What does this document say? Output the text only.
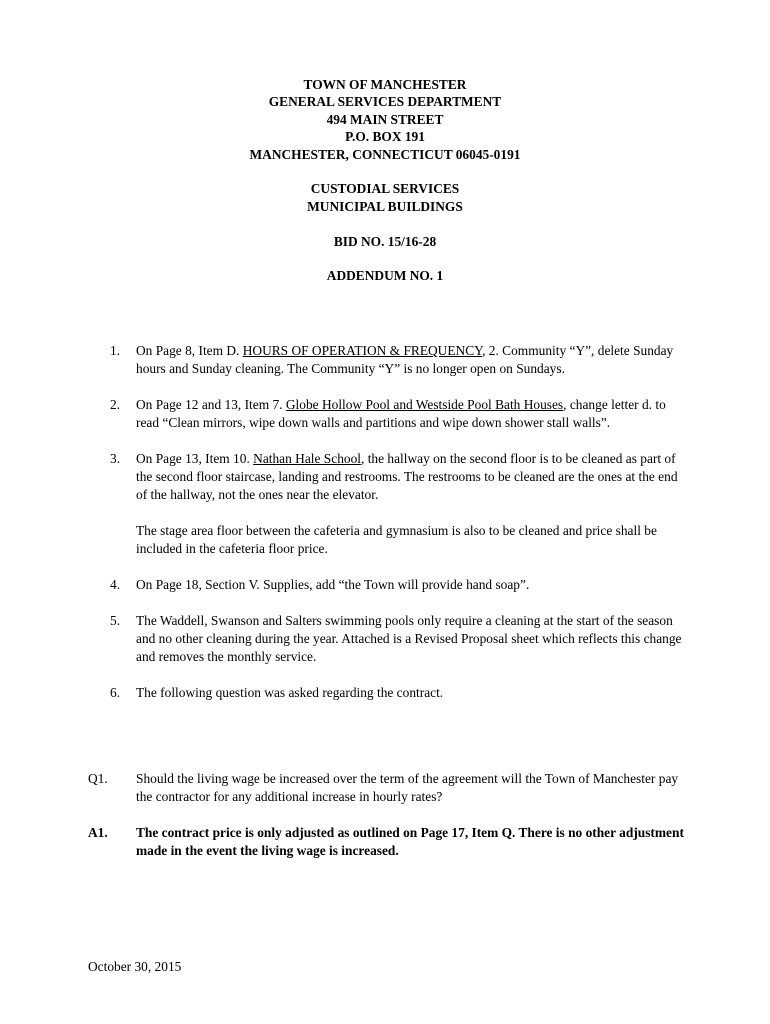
TOWN OF MANCHESTER
GENERAL SERVICES DEPARTMENT
494 MAIN STREET
P.O. BOX 191
MANCHESTER, CONNECTICUT 06045-0191
CUSTODIAL SERVICES
MUNICIPAL BUILDINGS
BID NO. 15/16-28
ADDENDUM NO. 1
1. On Page 8, Item D. HOURS OF OPERATION & FREQUENCY, 2. Community “Y”, delete Sunday hours and Sunday cleaning. The Community “Y” is no longer open on Sundays.
2. On Page 12 and 13, Item 7. Globe Hollow Pool and Westside Pool Bath Houses, change letter d. to read “Clean mirrors, wipe down walls and partitions and wipe down shower stall walls”.
3. On Page 13, Item 10. Nathan Hale School, the hallway on the second floor is to be cleaned as part of the second floor staircase, landing and restrooms. The restrooms to be cleaned are the ones at the end of the hallway, not the ones near the elevator.
The stage area floor between the cafeteria and gymnasium is also to be cleaned and price shall be included in the cafeteria floor price.
4. On Page 18, Section V. Supplies, add “the Town will provide hand soap”.
5. The Waddell, Swanson and Salters swimming pools only require a cleaning at the start of the season and no other cleaning during the year. Attached is a Revised Proposal sheet which reflects this change and removes the monthly service.
6. The following question was asked regarding the contract.
Q1. Should the living wage be increased over the term of the agreement will the Town of Manchester pay the contractor for any additional increase in hourly rates?
A1. The contract price is only adjusted as outlined on Page 17, Item Q. There is no other adjustment made in the event the living wage is increased.
October 30, 2015
